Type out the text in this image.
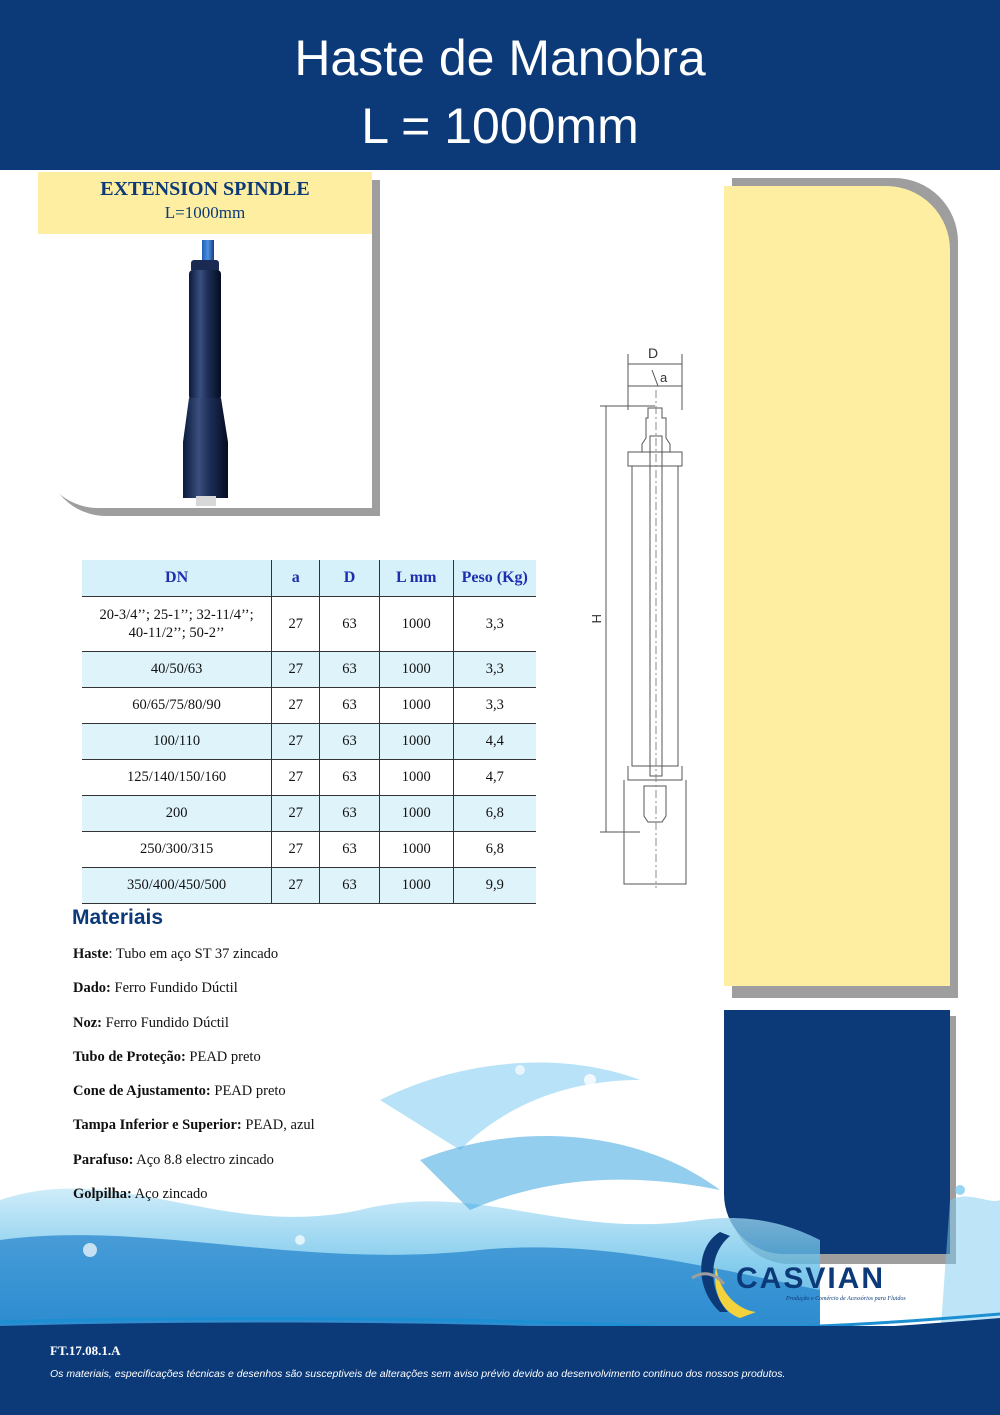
Haste de Manobra
L = 1000mm
EXTENSION SPINDLE
L=1000mm
D
a
H
DN	a	D	L mm	Peso (Kg)
20-3/4’’; 25-1’’; 32-11/4’’;
40-11/2’’; 50-2’’	27	63	1000	3,3
40/50/63	27	63	1000	3,3
60/65/75/80/90	27	63	1000	3,3
100/110	27	63	1000	4,4
125/140/150/160	27	63	1000	4,7
200	27	63	1000	6,8
250/300/315	27	63	1000	6,8
350/400/450/500	27	63	1000	9,9
Materiais
Haste: Tubo em aço ST 37 zincado
Dado: Ferro Fundido Dúctil
Noz: Ferro Fundido Dúctil
Tubo de Proteção: PEAD preto
Cone de Ajustamento: PEAD preto
Tampa Inferior e Superior: PEAD, azul
Parafuso: Aço 8.8 electro zincado
Golpilha: Aço zincado
CASVIAN
Produção e Comércio de Acessórios para Fluidos
FT.17.08.1.A
Os materiais, especificações técnicas e desenhos são susceptiveis de alterações sem aviso prévio devido ao desenvolvimento continuo dos nossos produtos.
